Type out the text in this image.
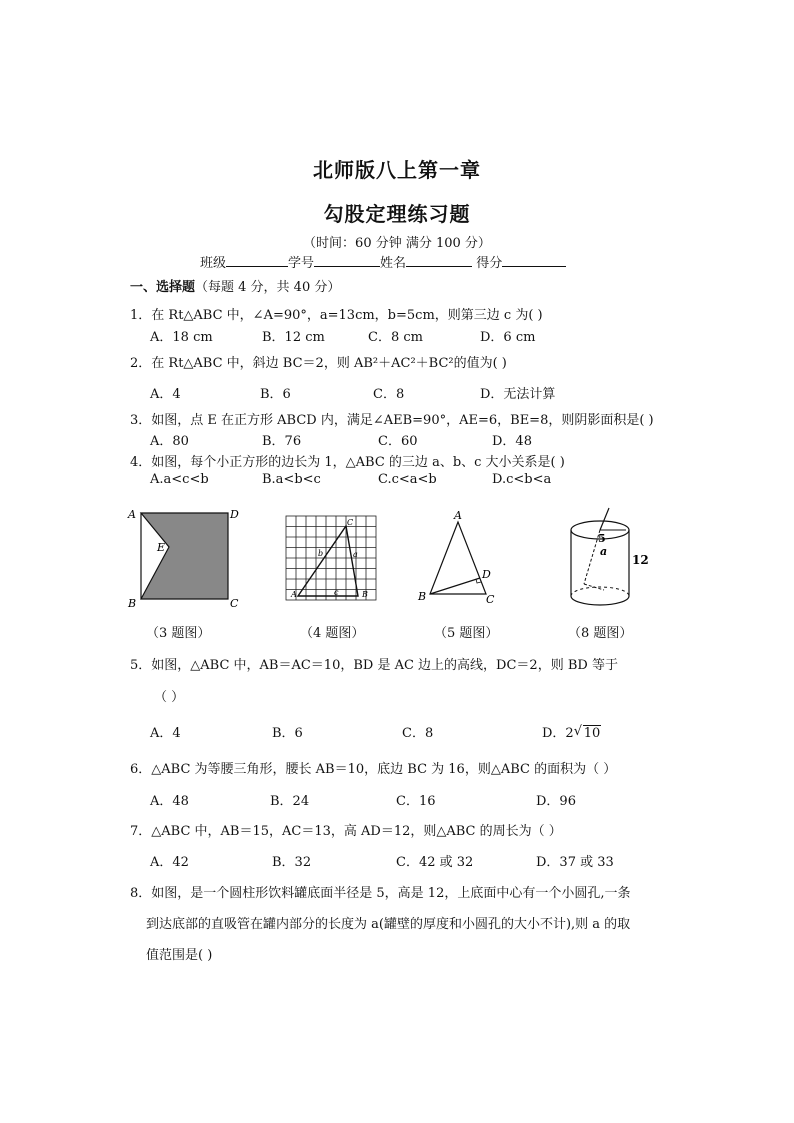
北师版八上第一章
勾股定理练习题
（时间：60 分钟 满分 100 分）
班级	学号	姓名	得分
一、选择题（每题 4 分，共 40 分）
1．在 Rt△ABC 中，∠A=90°，a=13cm，b=5cm，则第三边 c 为( )
A．18 cm	B．12 cm	C．8 cm	D．6 cm
2．在 Rt△ABC 中，斜边 BC＝2，则 AB²＋AC²＋BC²的值为( )
A．4	B．6	C．8	D．无法计算
3．如图，点 E 在正方形 ABCD 内，满足∠AEB=90°，AE=6，BE=8，则阴影面积是( )
A．80	B．76	C．60	D．48
4．如图，每个小正方形的边长为 1，△ABC 的三边 a、b、c 大小关系是( )
A.a<c<b	B.a<b<c	C.c<a<b	D.c<b<a
A	D
B	C
E
（3 题图）
A	B
C
a
b
c
（4 题图）
A
B	C
D
（5 题图）
5
a
12
（8 题图）
5．如图，△ABC 中，AB＝AC＝10，BD 是 AC 边上的高线，DC＝2，则 BD 等于
（ ）
A．4	B．6	C．8	D．2 √ 10
6．△ABC 为等腰三角形，腰长 AB＝10，底边 BC 为 16，则△ABC 的面积为（ ）
A．48	B．24	C．16	D．96
7．△ABC 中，AB＝15，AC＝13，高 AD＝12，则△ABC 的周长为（ ）
A．42	B．32	C．42 或 32	D．37 或 33
8．如图，是一个圆柱形饮料罐底面半径是 5，高是 12，上底面中心有一个小圆孔,一条
到达底部的直吸管在罐内部分的长度为 a(罐壁的厚度和小圆孔的大小不计),则 a 的取
值范围是( )
